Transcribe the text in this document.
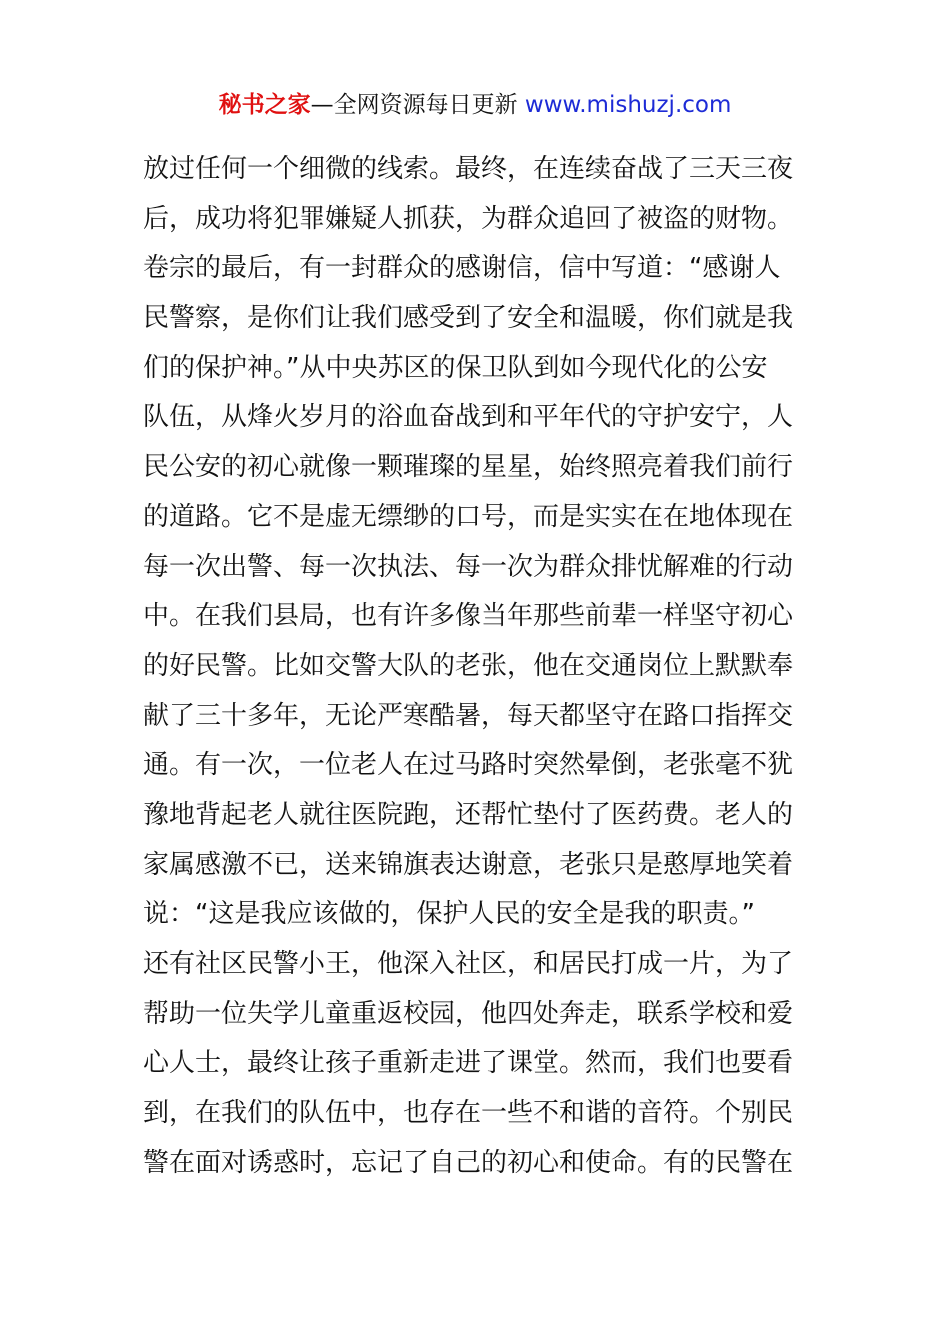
秘书之家—全网资源每日更新 www.mishuzj.com
放过任何一个细微的线索。最终，在连续奋战了三天三夜
后，成功将犯罪嫌疑人抓获，为群众追回了被盗的财物。
卷宗的最后，有一封群众的感谢信，信中写道：“感谢人
民警察，是你们让我们感受到了安全和温暖，你们就是我
们的保护神。”从中央苏区的保卫队到如今现代化的公安
队伍，从烽火岁月的浴血奋战到和平年代的守护安宁，人
民公安的初心就像一颗璀璨的星星，始终照亮着我们前行
的道路。它不是虚无缥缈的口号，而是实实在在地体现在
每一次出警、每一次执法、每一次为群众排忧解难的行动
中。在我们县局，也有许多像当年那些前辈一样坚守初心
的好民警。比如交警大队的老张，他在交通岗位上默默奉
献了三十多年，无论严寒酷暑，每天都坚守在路口指挥交
通。有一次，一位老人在过马路时突然晕倒，老张毫不犹
豫地背起老人就往医院跑，还帮忙垫付了医药费。老人的
家属感激不已，送来锦旗表达谢意，老张只是憨厚地笑着
说：“这是我应该做的，保护人民的安全是我的职责。”
还有社区民警小王，他深入社区，和居民打成一片，为了
帮助一位失学儿童重返校园，他四处奔走，联系学校和爱
心人士，最终让孩子重新走进了课堂。然而，我们也要看
到，在我们的队伍中，也存在一些不和谐的音符。个别民
警在面对诱惑时，忘记了自己的初心和使命。有的民警在
